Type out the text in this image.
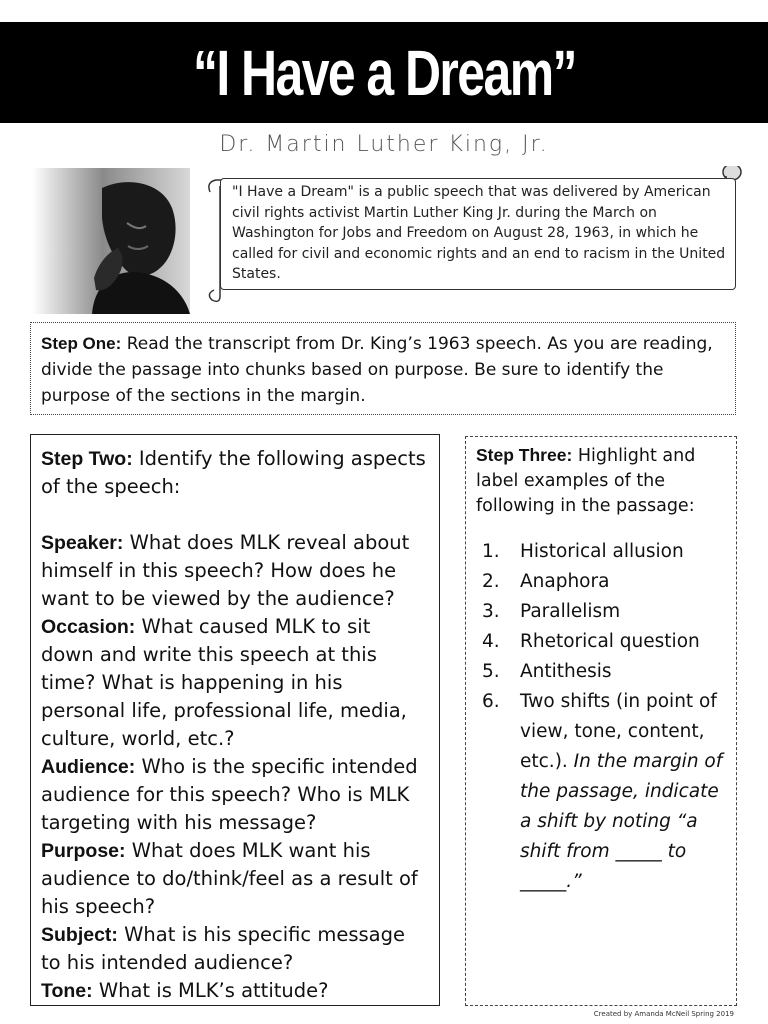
“I Have a Dream”
Dr. Martin Luther King, Jr.
"I Have a Dream" is a public speech that was delivered by American civil rights activist Martin Luther King Jr. during the March on Washington for Jobs and Freedom on August 28, 1963, in which he called for civil and economic rights and an end to racism in the United States.
Step One: Read the transcript from Dr. King’s 1963 speech. As you are reading, divide the passage into chunks based on purpose. Be sure to identify the purpose of the sections in the margin.

Step Two: Identify the following aspects of the speech:

Speaker: What does MLK reveal about himself in this speech? How does he want to be viewed by the audience?

Occasion: What caused MLK to sit down and write this speech at this time? What is happening in his personal life, professional life, media, culture, world, etc.?

Audience: Who is the specific intended audience for this speech? Who is MLK targeting with his message?

Purpose: What does MLK want his audience to do/think/feel as a result of his speech?

Subject: What is his specific message to his intended audience?

Tone: What is MLK’s attitude?

Step Three: Highlight and label examples of the following in the passage:
1.	Historical allusion
2.	Anaphora
3.	Parallelism
4.	Rhetorical question
5.	Antithesis
6.	Two shifts (in point of view, tone, content, etc.). In the margin of the passage, indicate a shift by noting “a shift from _____ to _____.”
Created by Amanda McNeil Spring 2019
